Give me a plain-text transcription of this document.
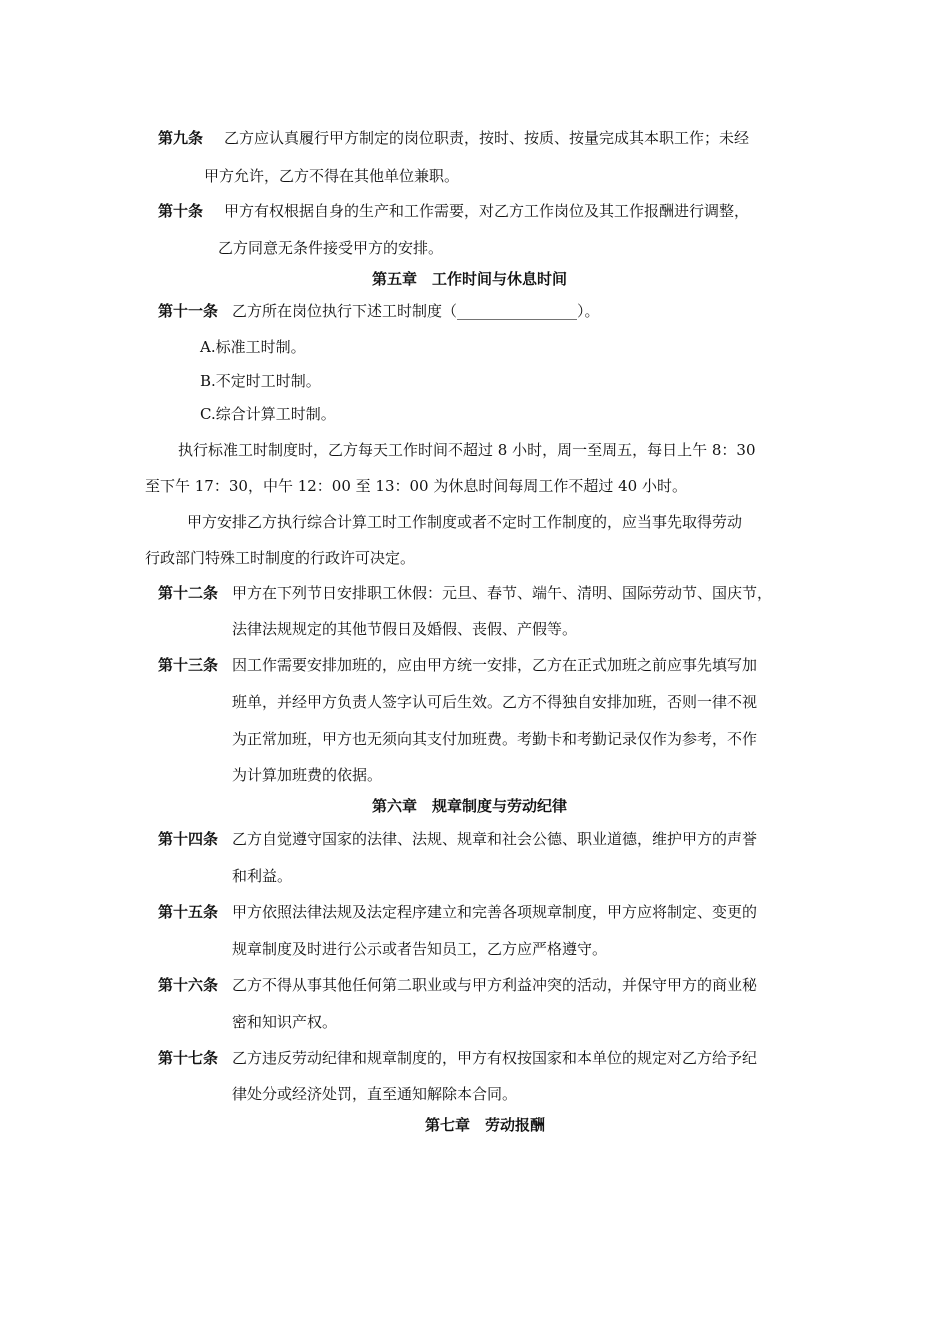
第九条 乙方应认真履行甲方制定的岗位职责，按时、按质、按量完成其本职工作；未经

甲方允许，乙方不得在其他单位兼职。

第十条 甲方有权根据自身的生产和工作需要，对乙方工作岗位及其工作报酬进行调整，

乙方同意无条件接受甲方的安排。

第五章　工作时间与休息时间

第十一条 乙方所在岗位执行下述工时制度（________________）。

A.标准工时制。

B.不定时工时制。

C.综合计算工时制。

执行标准工时制度时，乙方每天工作时间不超过 8 小时，周一至周五，每日上午 8：30

至下午 17：30，中午 12：00 至 13：00 为休息时间每周工作不超过 40 小时。

甲方安排乙方执行综合计算工时工作制度或者不定时工作制度的，应当事先取得劳动

行政部门特殊工时制度的行政许可决定。

第十二条 甲方在下列节日安排职工休假：元旦、春节、端午、清明、国际劳动节、国庆节，

法律法规规定的其他节假日及婚假、丧假、产假等。

第十三条 因工作需要安排加班的，应由甲方统一安排，乙方在正式加班之前应事先填写加

班单，并经甲方负责人签字认可后生效。乙方不得独自安排加班，否则一律不视

为正常加班，甲方也无须向其支付加班费。考勤卡和考勤记录仅作为参考，不作

为计算加班费的依据。

第六章　规章制度与劳动纪律

第十四条 乙方自觉遵守国家的法律、法规、规章和社会公德、职业道德，维护甲方的声誉

和利益。

第十五条 甲方依照法律法规及法定程序建立和完善各项规章制度，甲方应将制定、变更的

规章制度及时进行公示或者告知员工，乙方应严格遵守。

第十六条 乙方不得从事其他任何第二职业或与甲方利益冲突的活动，并保守甲方的商业秘

密和知识产权。

第十七条 乙方违反劳动纪律和规章制度的，甲方有权按国家和本单位的规定对乙方给予纪

律处分或经济处罚，直至通知解除本合同。

第七章　劳动报酬
